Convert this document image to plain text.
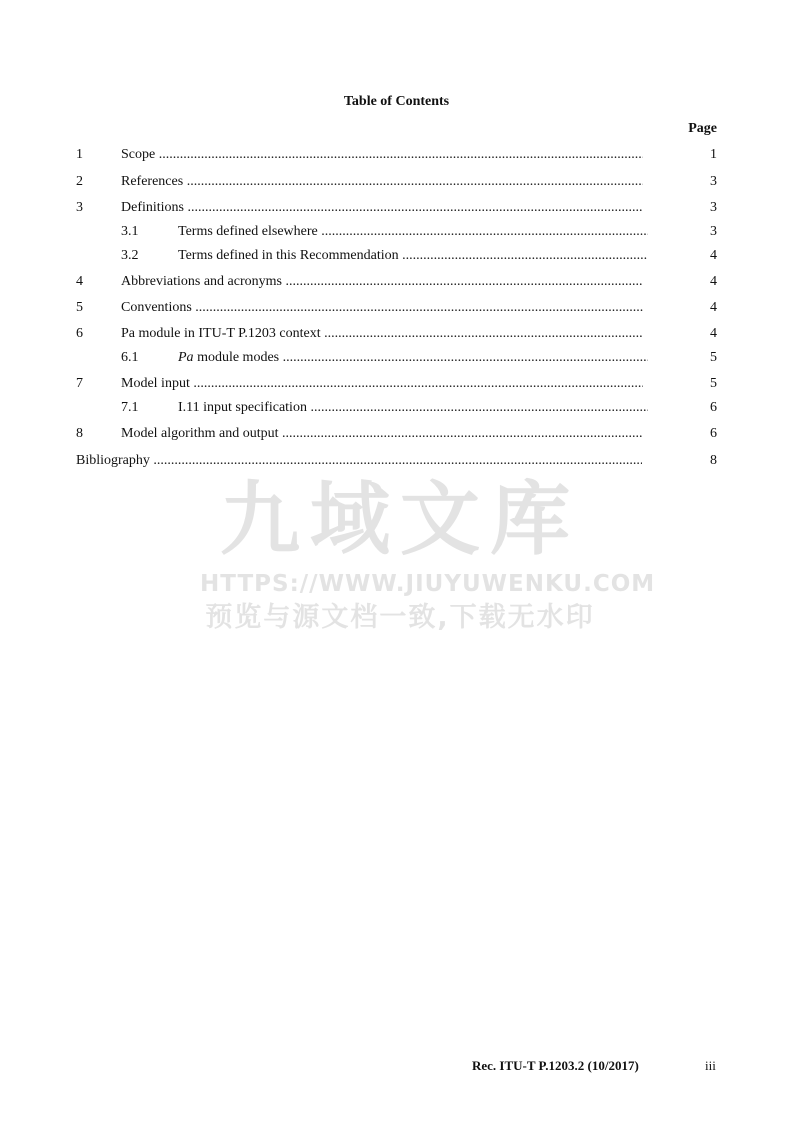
Table of Contents
Page
1	Scope .....	1
2	References .....	3
3	Definitions .....	3
3.1	Terms defined elsewhere .....	3
3.2	Terms defined in this Recommendation .....	4
4	Abbreviations and acronyms .....	4
5	Conventions .....	4
6	Pa module in ITU-T P.1203 context .....	4
6.1	Pa module modes .....	5
7	Model input .....	5
7.1	I.11 input specification .....	6
8	Model algorithm and output .....	6
Bibliography .....	8
九域文库
HTTPS://WWW.JIUYUWENKU.COM
预览与源文档一致,下载无水印
Rec. ITU-T P.1203.2 (10/2017)	iii
